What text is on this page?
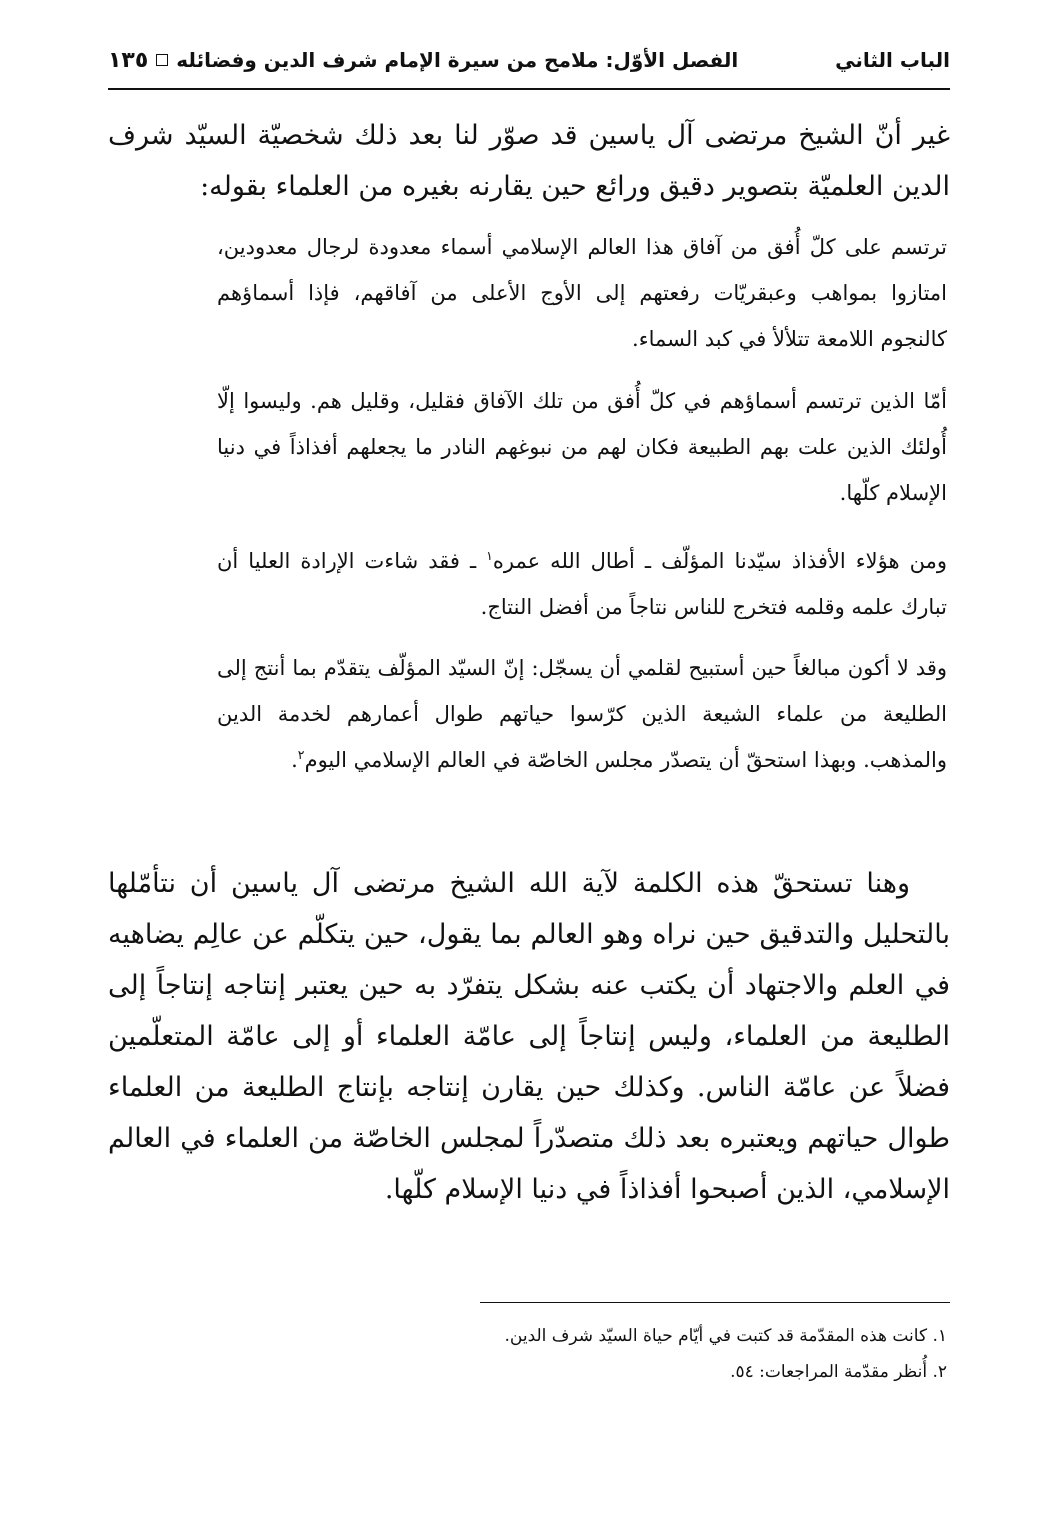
الباب الثاني
الفصل الأوّل: ملامح من سيرة الإمام شرف الدين وفضائله
١٣٥

غير أنّ الشيخ مرتضى آل ياسين قد صوّر لنا بعد ذلك شخصيّة السيّد شرف الدين العلميّة بتصوير دقيق ورائع حين يقارنه بغيره من العلماء بقوله:

ترتسم على كلّ أُفق من آفاق هذا العالم الإسلامي أسماء معدودة لرجال معدودين، امتازوا بمواهب وعبقريّات رفعتهم إلى الأوج الأعلى من آفاقهم، فإذا أسماؤهم كالنجوم اللامعة تتلألأ في كبد السماء.

أمّا الذين ترتسم أسماؤهم في كلّ أُفق من تلك الآفاق فقليل، وقليل هم. وليسوا إلّا أُولئك الذين علت بهم الطبيعة فكان لهم من نبوغهم النادر ما يجعلهم أفذاذاً في دنيا الإسلام كلّها.

ومن هؤلاء الأفذاذ سيّدنا المؤلّف ـ أطال الله عمره$^١$ ـ فقد شاءت الإرادة العليا أن تبارك علمه وقلمه فتخرج للناس نتاجاً من أفضل النتاج.

وقد لا أكون مبالغاً حين أستبيح لقلمي أن يسجّل: إنّ السيّد المؤلّف يتقدّم بما أنتج إلى الطليعة من علماء الشيعة الذين كرّسوا حياتهم طوال أعمارهم لخدمة الدين والمذهب. وبهذا استحقّ أن يتصدّر مجلس الخاصّة في العالم الإسلامي اليوم$^٢$.

وهنا تستحقّ هذه الكلمة لآية الله الشيخ مرتضى آل ياسين أن نتأمّلها بالتحليل والتدقيق حين نراه وهو العالم بما يقول، حين يتكلّم عن عالِم يضاهيه في العلم والاجتهاد أن يكتب عنه بشكل يتفرّد به حين يعتبر إنتاجه إنتاجاً إلى الطليعة من العلماء، وليس إنتاجاً إلى عامّة العلماء أو إلى عامّة المتعلّمين فضلاً عن عامّة الناس. وكذلك حين يقارن إنتاجه بإنتاج الطليعة من العلماء طوال حياتهم ويعتبره بعد ذلك متصدّراً لمجلس الخاصّة من العلماء في العالم الإسلامي، الذين أصبحوا أفذاذاً في دنيا الإسلام كلّها.

١. كانت هذه المقدّمة قد كتبت في أيّام حياة السيّد شرف الدين.

٢. أُنظر مقدّمة المراجعات: ٥٤.
